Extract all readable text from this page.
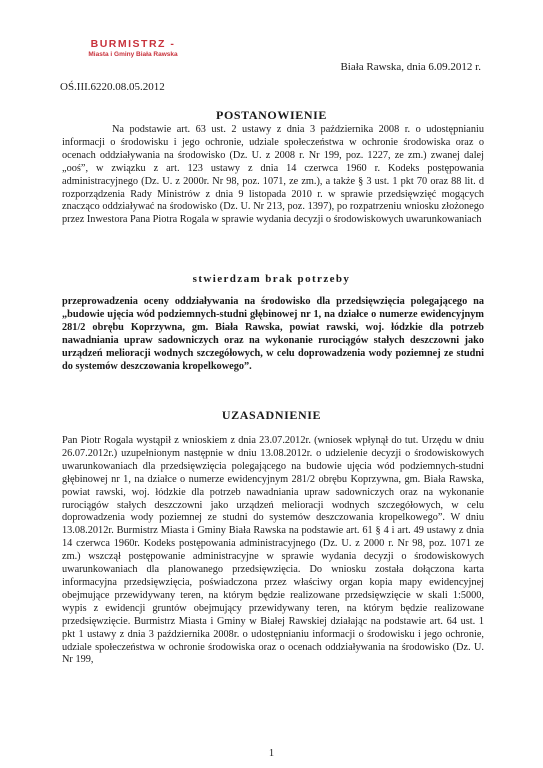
BURMISTRZ -
Miasta i Gminy Biała Rawska
Biała Rawska, dnia 6.09.2012 r.
OŚ.III.6220.08.05.2012
POSTANOWIENIE
Na podstawie art. 63 ust. 2 ustawy z dnia 3 października 2008 r. o udostępnianiu informacji o środowisku i jego ochronie, udziale społeczeństwa w ochronie środowiska oraz o ocenach oddziaływania na środowisko (Dz. U. z 2008 r. Nr 199, poz. 1227, ze zm.) zwanej dalej „ooś”, w związku z art. 123 ustawy z dnia 14 czerwca 1960 r. Kodeks postępowania administracyjnego (Dz. U. z 2000r. Nr 98, poz. 1071, ze zm.), a także § 3 ust. 1 pkt 70 oraz 88 lit. d rozporządzenia Rady Ministrów z dnia 9 listopada 2010 r. w sprawie przedsięwzięć mogących znacząco oddziaływać na środowisko (Dz. U. Nr 213, poz. 1397), po rozpatrzeniu wniosku złożonego przez Inwestora Pana Piotra Rogala w sprawie wydania decyzji o środowiskowych uwarunkowaniach
stwierdzam brak potrzeby
przeprowadzenia oceny oddziaływania na środowisko dla przedsięwzięcia polegającego na „budowie ujęcia wód podziemnych-studni głębinowej nr 1, na działce o numerze ewidencyjnym 281/2 obrębu Koprzywna, gm. Biała Rawska, powiat rawski, woj. łódzkie dla potrzeb nawadniania upraw sadowniczych oraz na wykonanie rurociągów stałych deszczowni jako urządzeń melioracji wodnych szczegółowych, w celu doprowadzenia wody poziemnej ze studni do systemów deszczowania kropelkowego”.
UZASADNIENIE
Pan Piotr Rogala wystąpił z wnioskiem z dnia 23.07.2012r. (wniosek wpłynął do tut. Urzędu w dniu 26.07.2012r.) uzupełnionym następnie w dniu 13.08.2012r. o udzielenie decyzji o środowiskowych uwarunkowaniach dla przedsięwzięcia polegającego na budowie ujęcia wód podziemnych-studni głębinowej nr 1, na działce o numerze ewidencyjnym 281/2 obrębu Koprzywna, gm. Biała Rawska, powiat rawski, woj. łódzkie dla potrzeb nawadniania upraw sadowniczych oraz na wykonanie rurociągów stałych deszczowni jako urządzeń melioracji wodnych szczegółowych, w celu doprowadzenia wody poziemnej ze studni do systemów deszczowania kropelkowego”. W dniu 13.08.2012r. Burmistrz Miasta i Gminy Biała Rawska na podstawie art. 61 § 4 i art. 49 ustawy z dnia 14 czerwca 1960r. Kodeks postępowania administracyjnego (Dz. U. z 2000 r. Nr 98, poz. 1071 ze zm.) wszczął postępowanie administracyjne w sprawie wydania decyzji o środowiskowych uwarunkowaniach dla planowanego przedsięwzięcia. Do wniosku została dołączona karta informacyjna przedsięwzięcia, poświadczona przez właściwy organ kopia mapy ewidencyjnej obejmujące przewidywany teren, na którym będzie realizowane przedsięwzięcie w skali 1:5000, wypis z ewidencji gruntów obejmujący przewidywany teren, na którym będzie realizowane przedsięwzięcie. Burmistrz Miasta i Gminy w Białej Rawskiej działając na podstawie art. 64 ust. 1 pkt 1 ustawy z dnia 3 października 2008r. o udostępnianiu informacji o środowisku i jego ochronie, udziale społeczeństwa w ochronie środowiska oraz o ocenach oddziaływania na środowisko (Dz. U. Nr 199,
1
